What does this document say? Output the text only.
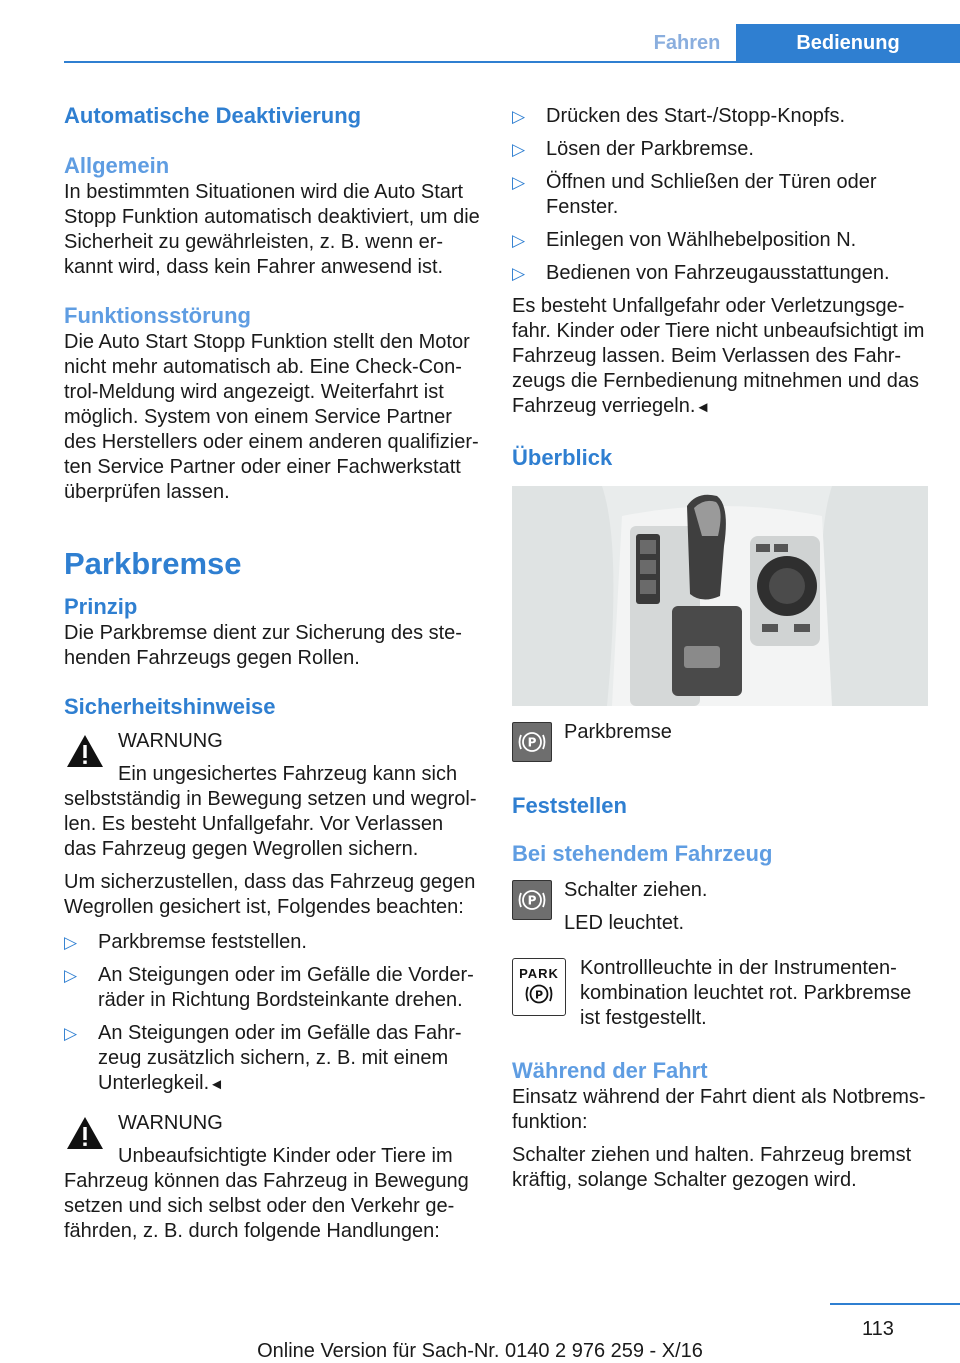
Fahren	Bedienung
Automatische Deaktivierung
Allgemein

In bestimmten Situationen wird die Auto Start Stopp Funktion automatisch deaktiviert, um die Sicherheit zu gewährleisten, z. B. wenn er-kannt wird, dass kein Fahrer anwesend ist.

Funktionsstörung

Die Auto Start Stopp Funktion stellt den Motor nicht mehr automatisch ab. Eine Check-Con-trol-Meldung wird angezeigt. Weiterfahrt ist möglich. System von einem Service Partner des Herstellers oder einem anderen qualifizier-ten Service Partner oder einer Fachwerkstatt überprüfen lassen.

Parkbremse
Prinzip

Die Parkbremse dient zur Sicherung des ste-henden Fahrzeugs gegen Rollen.

Sicherheitshinweise
WARNUNG
Ein ungesichertes Fahrzeug kann sich

selbstständig in Bewegung setzen und wegrol-len. Es besteht Unfallgefahr. Vor Verlassen das Fahrzeug gegen Wegrollen sichern.

Um sicherzustellen, dass das Fahrzeug gegen Wegrollen gesichert ist, Folgendes beachten:

▷ Parkbremse feststellen.
▷ An Steigungen oder im Gefälle die Vorder-räder in Richtung Bordsteinkante drehen.
▷ An Steigungen oder im Gefälle das Fahr-zeug zusätzlich sichern, z. B. mit einem Unterlegkeil.◄
WARNUNG
Unbeaufsichtigte Kinder oder Tiere im

Fahrzeug können das Fahrzeug in Bewegung setzen und sich selbst oder den Verkehr ge-fährden, z. B. durch folgende Handlungen:

▷ Drücken des Start-/Stopp-Knopfs.
▷ Lösen der Parkbremse.
▷ Öffnen und Schließen der Türen oder Fenster.
▷ Einlegen von Wählhebelposition N.
▷ Bedienen von Fahrzeugausstattungen.

Es besteht Unfallgefahr oder Verletzungsge-fahr. Kinder oder Tiere nicht unbeaufsichtigt im Fahrzeug lassen. Beim Verlassen des Fahr-zeugs die Fernbedienung mitnehmen und das Fahrzeug verriegeln.◄

Überblick
P Parkbremse
Feststellen
Bei stehendem Fahrzeug
P Schalter ziehen.
LED leuchtet.
PARK
P

Kontrollleuchte in der Instrumenten-kombination leuchtet rot. Parkbremse ist festgestellt.

Während der Fahrt

Einsatz während der Fahrt dient als Notbrems-funktion:

Schalter ziehen und halten. Fahrzeug bremst kräftig, solange Schalter gezogen wird.

113
Online Version für Sach-Nr. 0140 2 976 259 - X/16
